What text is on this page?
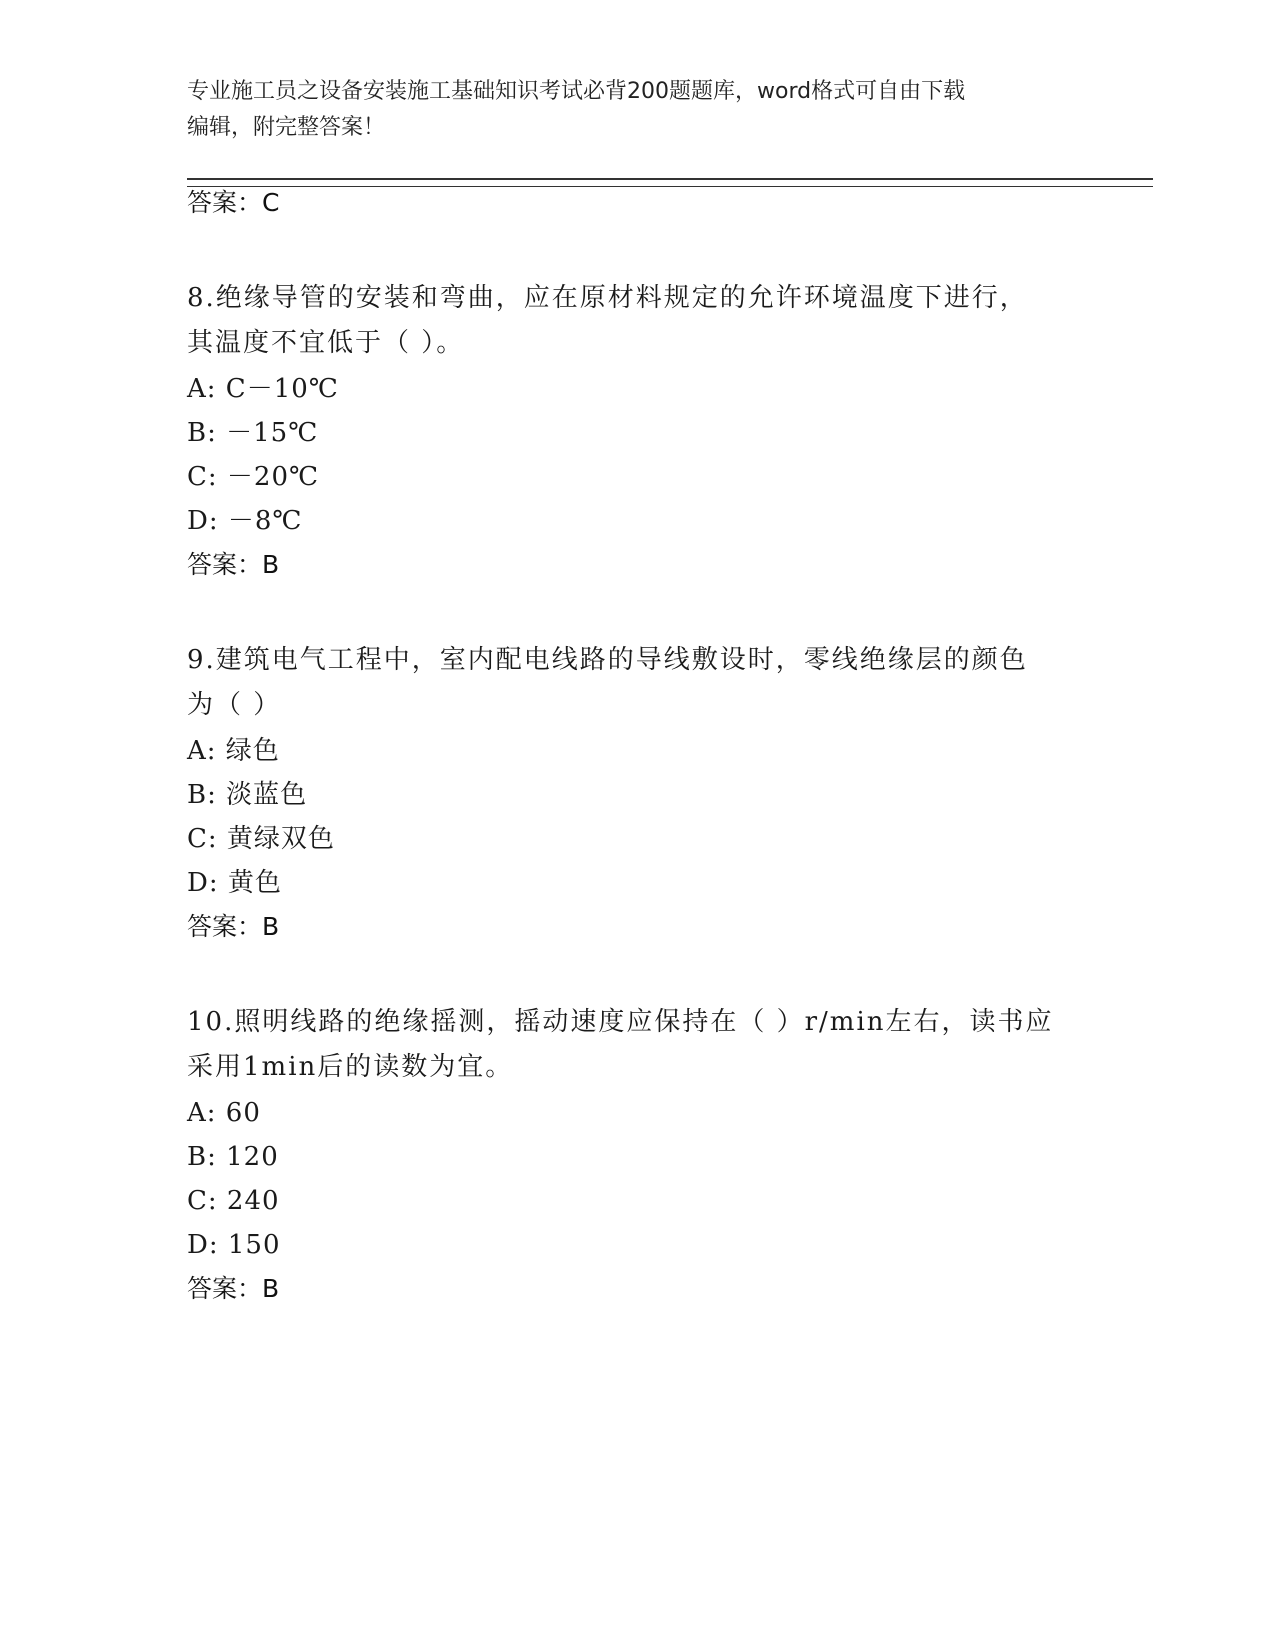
专业施工员之设备安装施工基础知识考试必背200题题库，word格式可自由下载
编辑，附完整答案！
答案：C
8.绝缘导管的安装和弯曲，应在原材料规定的允许环境温度下进行，
其温度不宜低于（ ）。
A: C－10℃
B: －15℃
C: －20℃
D: －8℃
答案：B
9.建筑电气工程中，室内配电线路的导线敷设时，零线绝缘层的颜色
为（ ）
A: 绿色
B: 淡蓝色
C: 黄绿双色
D: 黄色
答案：B
10.照明线路的绝缘摇测，摇动速度应保持在（ ）r/min左右，读书应
采用1min后的读数为宜。
A: 60
B: 120
C: 240
D: 150
答案：B
